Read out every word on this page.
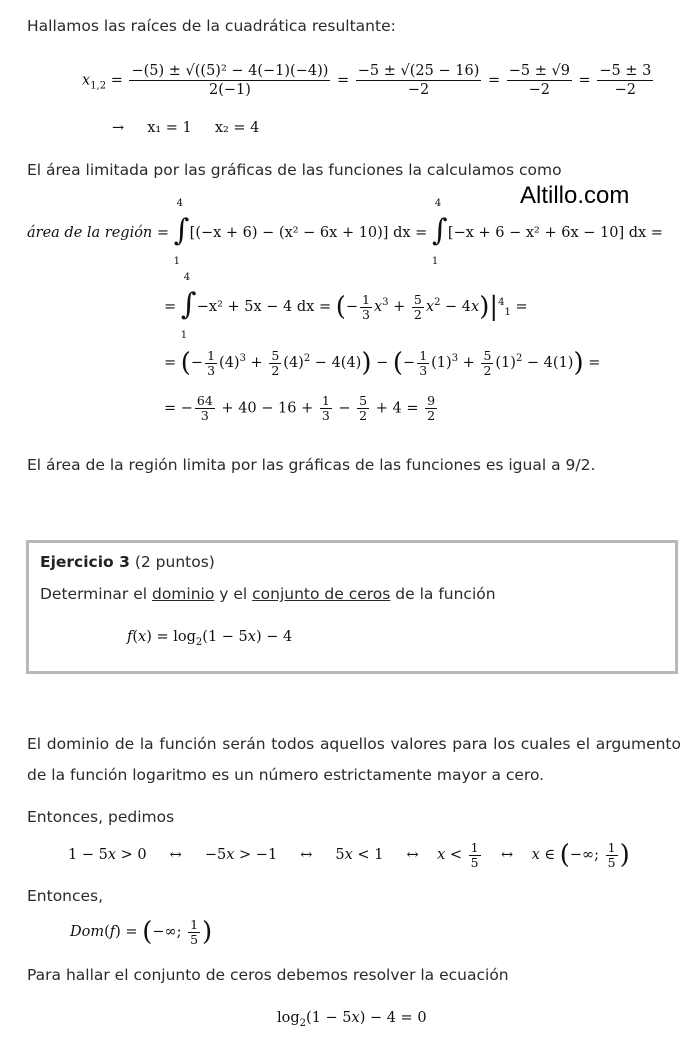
Hallamos las raíces de la cuadrática resultante:
$x_{1,2} = \frac{\text{−(5) ± √((5)² − 4(−1)(−4))}}{2(-1)} = \frac{-5 \pm √(25 - 16)}{-2} = \frac{-5 \pm √9}{-2} = \frac{-5 \pm 3}{-2}$
→     x₁ = 1     x₂ = 4
El área limitada por las gráficas de las funciones la calculamos como
Altillo.com
área de la región =
4
∫
1
[(−x + 6) − (x² − 6x + 10)] dx =
4
∫
1
[−x + 6 − x² + 6x − 10] dx =
=
4
∫
1
−x² + 5x − 4 dx = (− $\frac{1}{3} x^3 + \frac{5}{2} x^2 - 4x)|^4_1$ =
= (− $\frac{1}{3} (4)^3 + \frac{5}{2} (4)^2 - 4(4)$) − (− $\frac{1}{3} (1)^3 + \frac{5}{2} (1)^2 - 4(1)$) =
= − $\frac{64}{3} + 40 - 16 + \frac{1}{3} - \frac{5}{2} + 4 = \frac{9}{2}$
El área de la región limita por las gráficas de las funciones es igual a 9/2.
Ejercicio 3 (2 puntos)
Determinar el dominio y el conjunto de ceros de la función
$f(x) = \log_2(1 - 5x) - 4$
El dominio de la función serán todos aquellos valores para los cuales el argumento de la función logaritmo es un número estrictamente mayor a cero.
Entonces, pedimos
1 − 5x > 0     ↔     −5x > −1     ↔     5x < 1     ↔    $x < \frac{1}{5}$ ↔    x ∈ (−∞; $\frac{1}{5}$ )
Entonces,
Dom(f) = (−∞; $\frac{1}{5}$ )
Para hallar el conjunto de ceros debemos resolver la ecuación
$\log_2(1 - 5x) - 4 = 0$
